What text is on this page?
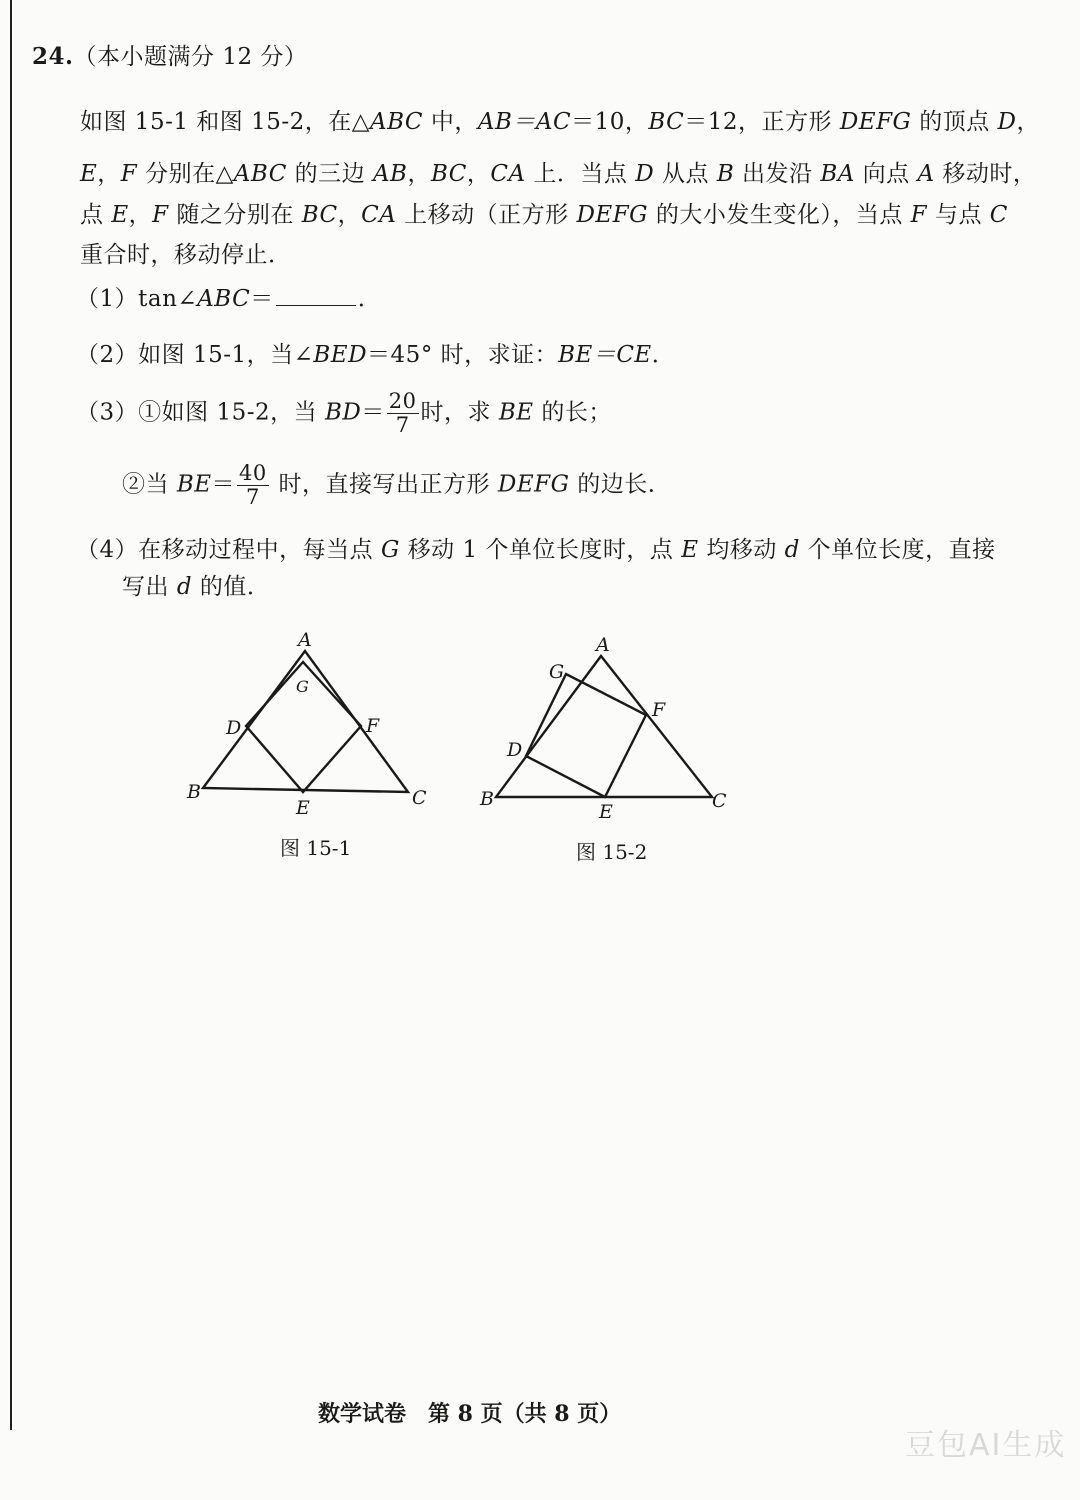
24.（本小题满分 12 分）
如图 15-1 和图 15-2，在△ABC 中，AB＝AC＝10，BC＝12，正方形 DEFG 的顶点 D，
E，F 分别在△ABC 的三边 AB，BC，CA 上．当点 D 从点 B 出发沿 BA 向点 A 移动时，
点 E，F 随之分别在 BC，CA 上移动（正方形 DEFG 的大小发生变化），当点 F 与点 C
重合时，移动停止．
（1）tan∠ABC＝	．
（2）如图 15-1，当∠BED＝45° 时，求证：BE＝CE．
（3）①如图 15-2，当 $BD= \frac{20}{7}$ 时，求 BE 的长；
②当 $BE= \frac{40}{7}$ 时，直接写出正方形 DEFG 的边长．
（4）在移动过程中，每当点 G 移动 1 个单位长度时，点 E 均移动 d 个单位长度，直接
写出 d 的值．
A
G
D	F
B
E	C
A
G
F
D
B
E	C
图 15-1	图 15-2
数学试卷　第 8 页（共 8 页）
豆包AI生成
